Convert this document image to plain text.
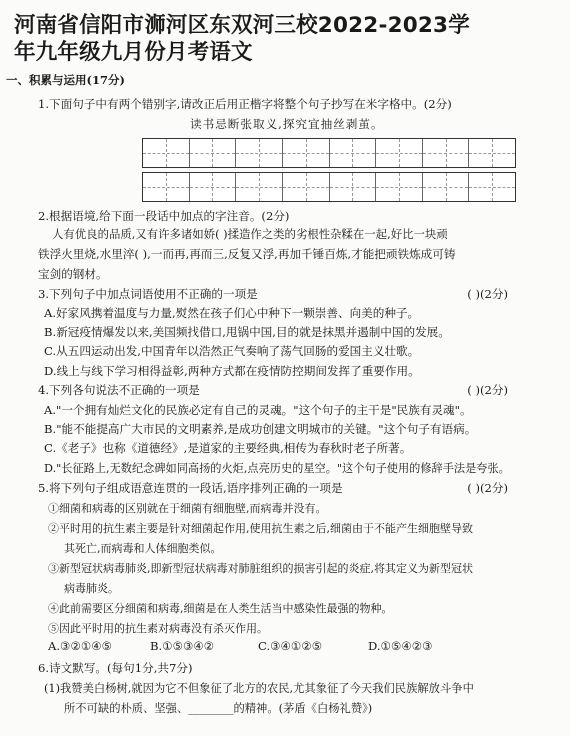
河南省信阳市浉河区东双河三校2022-2023学
年九年级九月份月考语文
一、积累与运用(17分)
1.下面句子中有两个错别字,请改正后用正楷字将整个句子抄写在米字格中。(2分)
读书忌断张取义,探究宜抽丝剥茧。
2.根据语境,给下面一段话中加点的字注音。(2分)
人有优良的品质,又有许多诸如娇( )揉造作之类的劣根性杂糅在一起,好比一块顽
铁浮火里烧,水里淬( ),一而再,再而三,反复又浮,再加千锤百炼,才能把顽铁炼成可铸
宝剑的钢材。
3.下列句子中加点词语使用不正确的一项是	( )(2分)
A.好家风携着温度与力量,熨然在孩子们心中种下一颗崇善、向美的种子。
B.新冠疫情爆发以来,美国频找借口,甩锅中国,目的就是抹黑并遏制中国的发展。
C.从五四运动出发,中国青年以浩然正气奏响了荡气回肠的爱国主义壮歌。
D.线上与线下学习相得益彰,两种方式都在疫情防控期间发挥了重要作用。
4.下列各句说法不正确的一项是	( )(2分)
A."一个拥有灿烂文化的民族必定有自己的灵魂。"这个句子的主干是"民族有灵魂"。
B."能不能提高广大市民的文明素养,是成功创建文明城市的关键。"这个句子有语病。
C.《老子》也称《道德经》,是道家的主要经典,相传为春秋时老子所著。
D."长征路上,无数纪念碑如同高扬的火炬,点亮历史的星空。"这个句子使用的修辞手法是夸张。
5.将下列句子组成语意连贯的一段话,语序排列正确的一项是	( )(2分)
①细菌和病毒的区别就在于细菌有细胞壁,而病毒并没有。
②平时用的抗生素主要是针对细菌起作用,使用抗生素之后,细菌由于不能产生细胞壁导致
其死亡,而病毒和人体细胞类似。
③新型冠状病毒肺炎,即新型冠状病毒对肺脏组织的损害引起的炎症,将其定义为新型冠状
病毒肺炎。
④此前需要区分细菌和病毒,细菌是在人类生活当中感染性最强的物种。
⑤因此平时用的抗生素对病毒没有杀灭作用。
A.③②①④⑤	B.①⑤③④②	C.③④①②⑤	D.①⑤④②③
6.诗文默写。(每句1分,共7分)
(1)我赞美白杨树,就因为它不但象征了北方的农民,尤其象征了今天我们民族解放斗争中
所不可缺的朴质、坚强、________的精神。(茅盾《白杨礼赞》)
